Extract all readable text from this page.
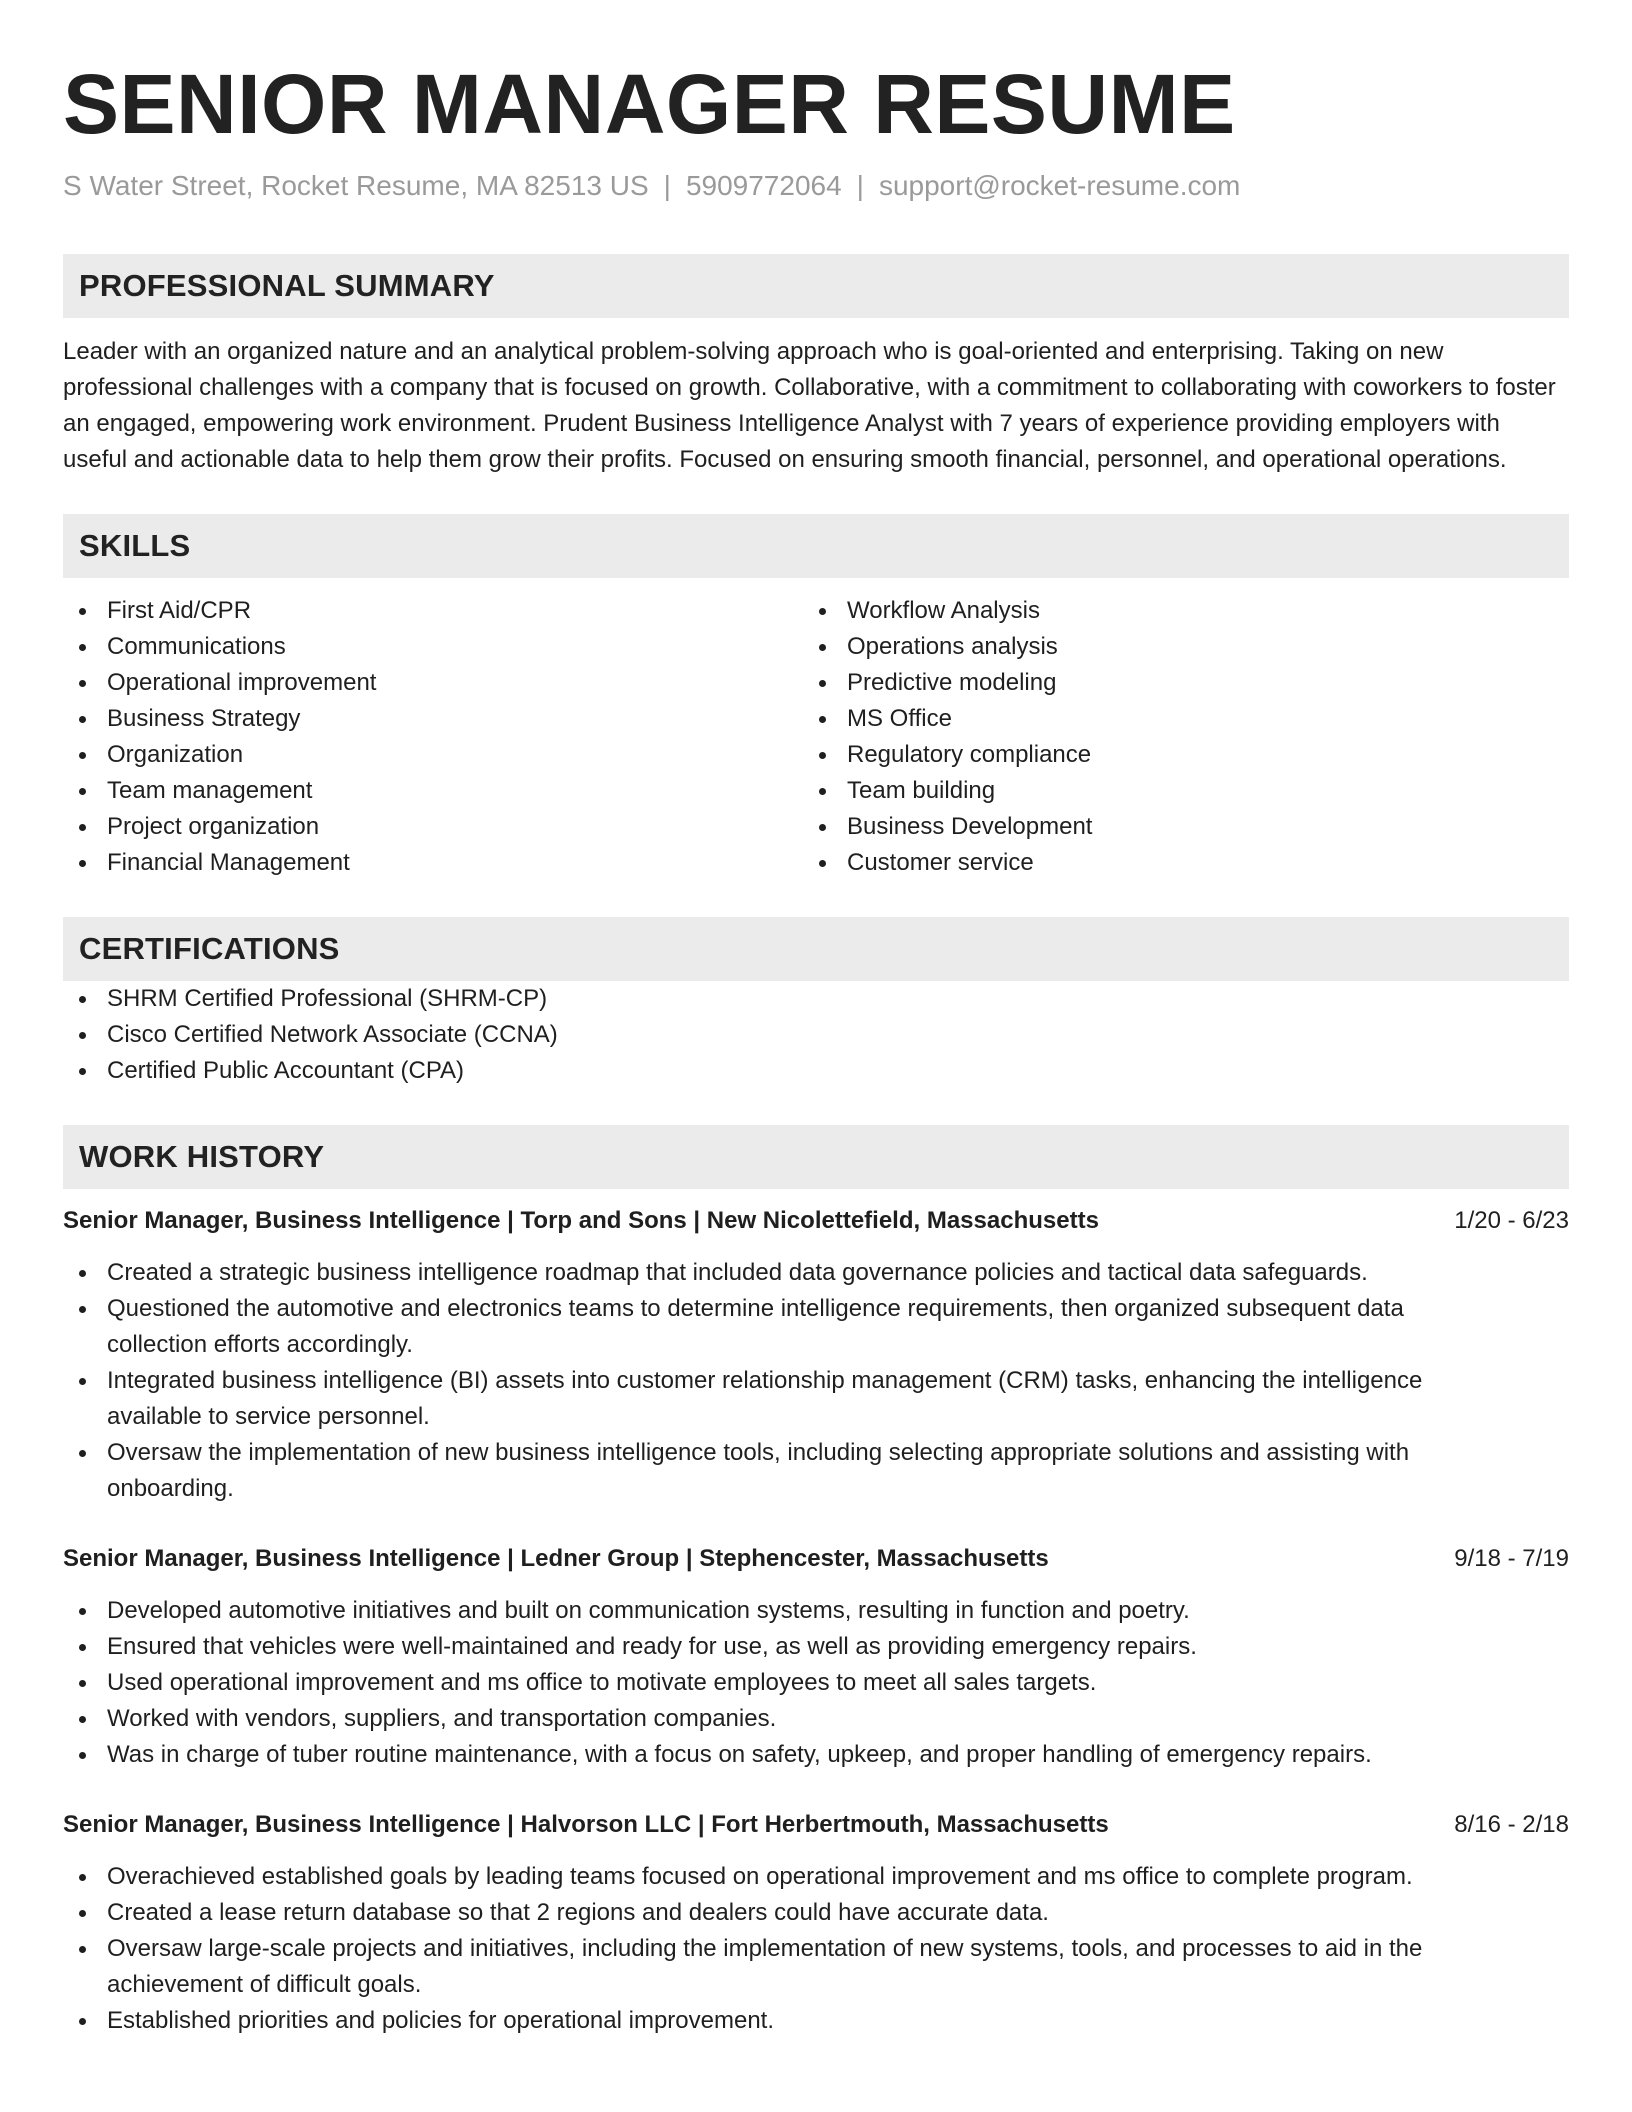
SENIOR MANAGER RESUME
S Water Street, Rocket Resume, MA 82513 US | 5909772064 | support@rocket-resume.com
PROFESSIONAL SUMMARY

Leader with an organized nature and an analytical problem-solving approach who is goal-oriented and enterprising. Taking on new professional challenges with a company that is focused on growth. Collaborative, with a commitment to collaborating with coworkers to foster an engaged, empowering work environment. Prudent Business Intelligence Analyst with 7 years of experience providing employers with useful and actionable data to help them grow their profits. Focused on ensuring smooth financial, personnel, and operational operations.

SKILLS
First Aid/CPR
Communications
Operational improvement
Business Strategy
Organization
Team management
Project organization
Financial Management
Workflow Analysis
Operations analysis
Predictive modeling
MS Office
Regulatory compliance
Team building
Business Development
Customer service
CERTIFICATIONS
SHRM Certified Professional (SHRM-CP)
Cisco Certified Network Associate (CCNA)
Certified Public Accountant (CPA)
WORK HISTORY
Senior Manager, Business Intelligence | Torp and Sons | New Nicolettefield, Massachusetts	1/20 - 6/23
Created a strategic business intelligence roadmap that included data governance policies and tactical data safeguards.
Questioned the automotive and electronics teams to determine intelligence requirements, then organized subsequent data collection efforts accordingly.
Integrated business intelligence (BI) assets into customer relationship management (CRM) tasks, enhancing the intelligence available to service personnel.
Oversaw the implementation of new business intelligence tools, including selecting appropriate solutions and assisting with onboarding.
Senior Manager, Business Intelligence | Ledner Group | Stephencester, Massachusetts	9/18 - 7/19
Developed automotive initiatives and built on communication systems, resulting in function and poetry.
Ensured that vehicles were well-maintained and ready for use, as well as providing emergency repairs.
Used operational improvement and ms office to motivate employees to meet all sales targets.
Worked with vendors, suppliers, and transportation companies.
Was in charge of tuber routine maintenance, with a focus on safety, upkeep, and proper handling of emergency repairs.
Senior Manager, Business Intelligence | Halvorson LLC | Fort Herbertmouth, Massachusetts	8/16 - 2/18
Overachieved established goals by leading teams focused on operational improvement and ms office to complete program.
Created a lease return database so that 2 regions and dealers could have accurate data.
Oversaw large-scale projects and initiatives, including the implementation of new systems, tools, and processes to aid in the achievement of difficult goals.
Established priorities and policies for operational improvement.
